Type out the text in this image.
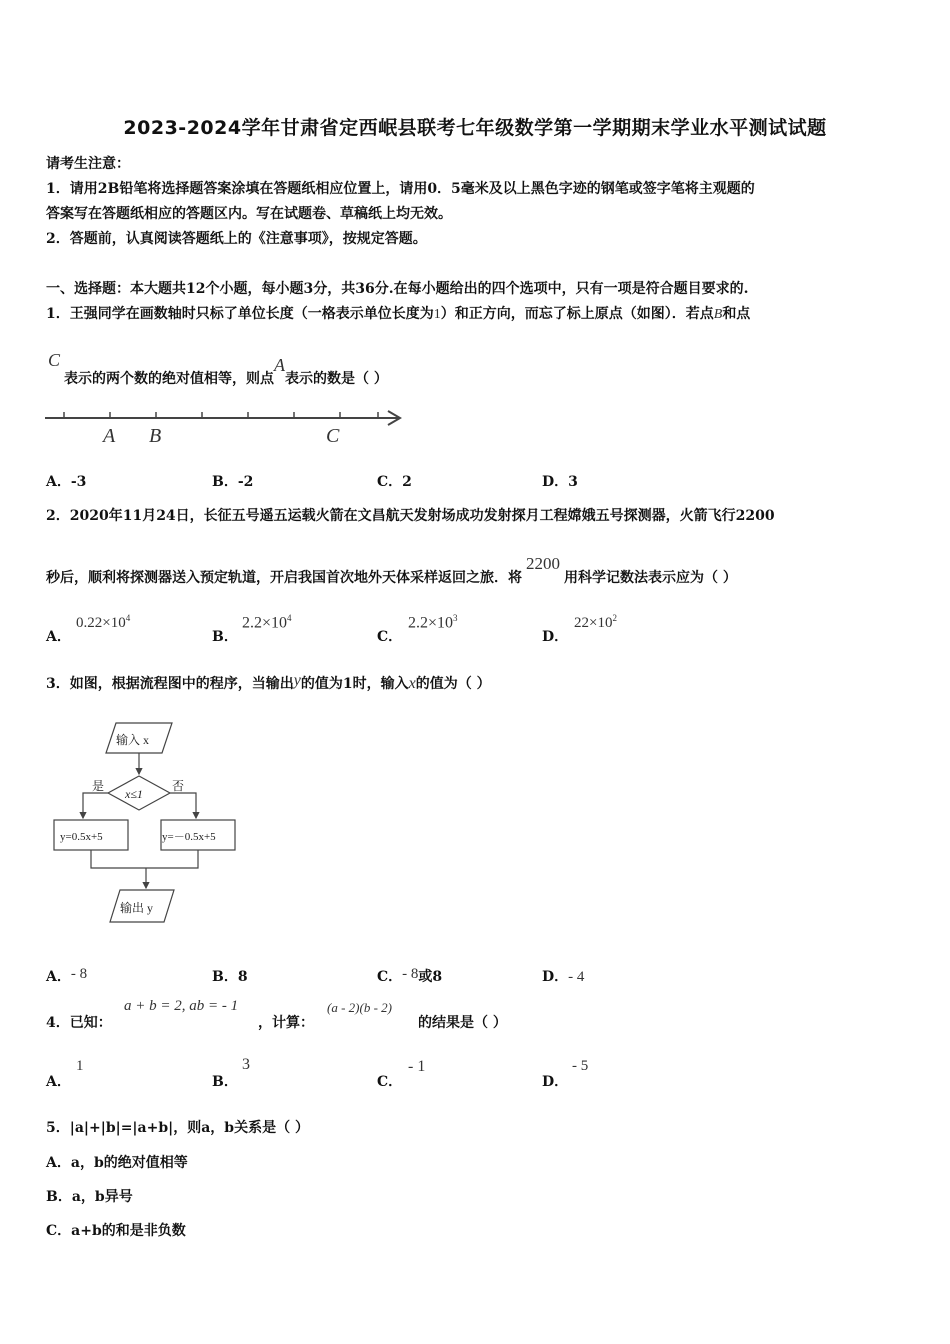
2023-2024学年甘肃省定西岷县联考七年级数学第一学期期末学业水平测试试题
请考生注意：
1．请用2B铅笔将选择题答案涂填在答题纸相应位置上，请用0．5毫米及以上黑色字迹的钢笔或签字笔将主观题的
答案写在答题纸相应的答题区内。写在试题卷、草稿纸上均无效。
2．答题前，认真阅读答题纸上的《注意事项》，按规定答题。
一、选择题：本大题共12个小题，每小题3分，共36分.在每小题给出的四个选项中，只有一项是符合题目要求的.
1．王强同学在画数轴时只标了单位长度（一格表示单位长度为1）和正方向，而忘了标上原点（如图）．若点B和点
C
表示的两个数的绝对值相等，则点A表示的数是（ ）
A B	C
A．-3	B．-2	C．2	D．3
2．2020年11月24日，长征五号遥五运载火箭在文昌航天发射场成功发射探月工程嫦娥五号探测器，火箭飞行2200
秒后，顺利将探测器送入预定轨道，开启我国首次地外天体采样返回之旅．将2200用科学记数法表示应为（ ）
A．
$0.22\times 10^4$
B．
$2.2\times 10^4$
C．
$2.2\times 10^3$
D．
$22\times 10^2$
3．如图，根据流程图中的程序，当输出y的值为1时，输入x的值为（ ）
输入 x
x≤1
是	否
y=0.5x+5	y=－0.5x+5
输出 y
A．- 8	B．8	C．- 8或8	D．- 4
4．已知：
a + b = 2, ab = - 1
，计算：
(a - 2)(b - 2)
的结果是（ ）
A．
1
B．
3
C．
- 1
D．
- 5
5．|a|+|b|=|a+b|，则a，b关系是（ ）
A．a，b的绝对值相等
B．a，b异号
C．a+b的和是非负数
